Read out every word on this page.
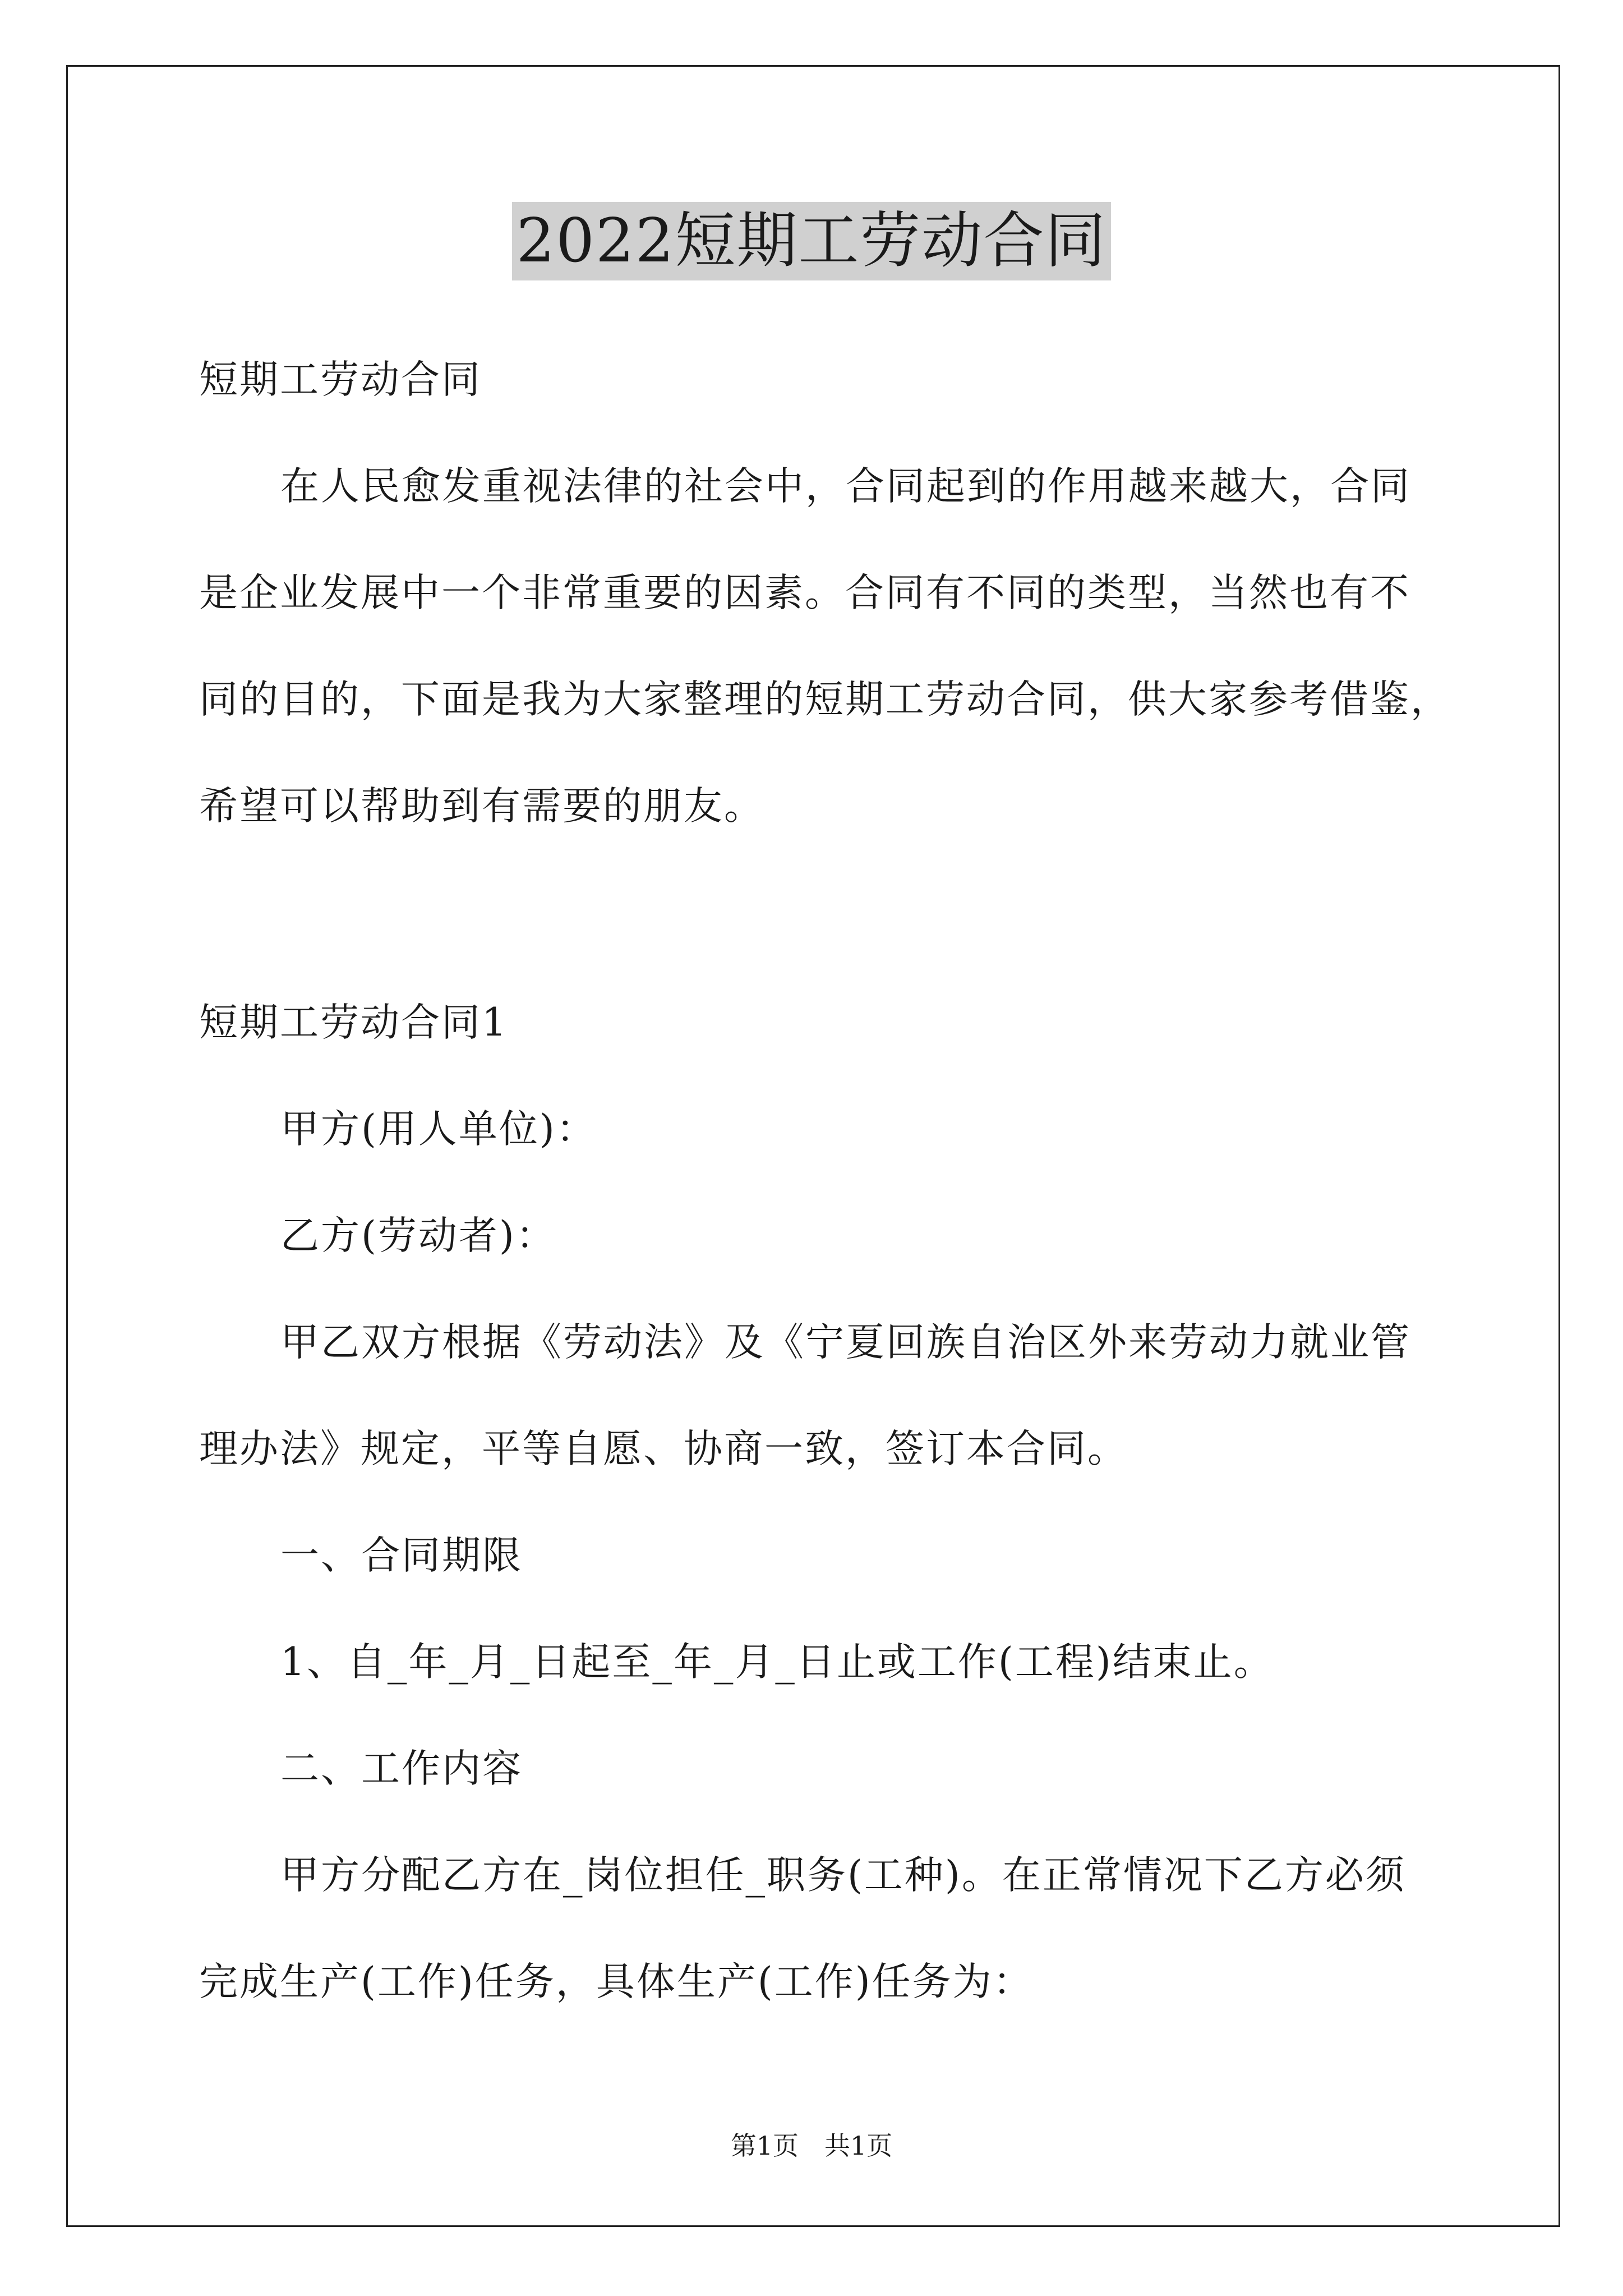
2022短期工劳动合同
短期工劳动合同
在人民愈发重视法律的社会中，合同起到的作用越来越大，合同
是企业发展中一个非常重要的因素。合同有不同的类型，当然也有不
同的目的，下面是我为大家整理的短期工劳动合同，供大家参考借鉴，
希望可以帮助到有需要的朋友。
短期工劳动合同1
甲方(用人单位)：
乙方(劳动者)：
甲乙双方根据《劳动法》及《宁夏回族自治区外来劳动力就业管
理办法》规定，平等自愿、协商一致，签订本合同。
一、合同期限
1、自_年_月_日起至_年_月_日止或工作(工程)结束止。
二、工作内容
甲方分配乙方在_岗位担任_职务(工种)。在正常情况下乙方必须
完成生产(工作)任务，具体生产(工作)任务为：
第1页　共1页
